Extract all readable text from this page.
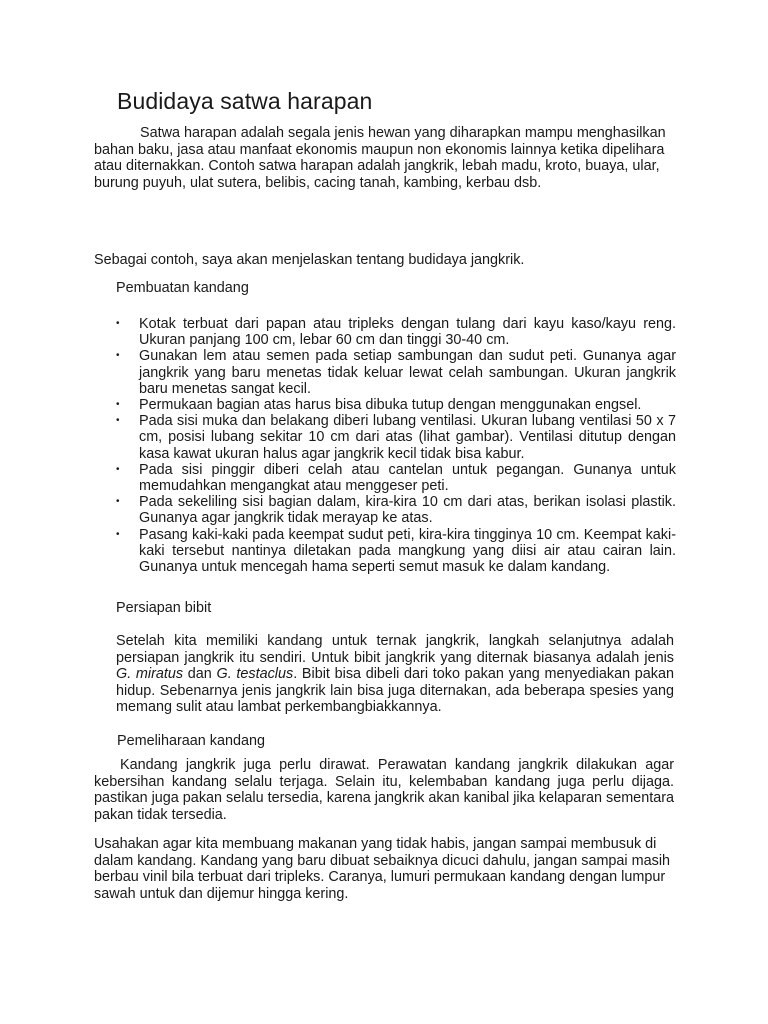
Budidaya satwa harapan

Satwa harapan adalah segala jenis hewan yang diharapkan mampu menghasilkan bahan baku, jasa atau manfaat ekonomis maupun non ekonomis lainnya ketika dipelihara atau diternakkan. Contoh satwa harapan adalah jangkrik, lebah madu, kroto, buaya, ular, burung puyuh, ulat sutera, belibis, cacing tanah, kambing, kerbau dsb.

Sebagai contoh, saya akan menjelaskan tentang budidaya jangkrik.

Pembuatan kandang
• Kotak terbuat dari papan atau tripleks dengan tulang dari kayu kaso/kayu reng. Ukuran panjang 100 cm, lebar 60 cm dan tinggi 30-40 cm.
• Gunakan lem atau semen pada setiap sambungan dan sudut peti. Gunanya agar jangkrik yang baru menetas tidak keluar lewat celah sambungan. Ukuran jangkrik baru menetas sangat kecil.
• Permukaan bagian atas harus bisa dibuka tutup dengan menggunakan engsel.
• Pada sisi muka dan belakang diberi lubang ventilasi. Ukuran lubang ventilasi 50 x 7 cm, posisi lubang sekitar 10 cm dari atas (lihat gambar). Ventilasi ditutup dengan kasa kawat ukuran halus agar jangkrik kecil tidak bisa kabur.
• Pada sisi pinggir diberi celah atau cantelan untuk pegangan. Gunanya untuk memudahkan mengangkat atau menggeser peti.
• Pada sekeliling sisi bagian dalam, kira-kira 10 cm dari atas, berikan isolasi plastik. Gunanya agar jangkrik tidak merayap ke atas.
• Pasang kaki-kaki pada keempat sudut peti, kira-kira tingginya 10 cm. Keempat kaki-kaki tersebut nantinya diletakan pada mangkung yang diisi air atau cairan lain. Gunanya untuk mencegah hama seperti semut masuk ke dalam kandang.
Persiapan bibit

Setelah kita memiliki kandang untuk ternak jangkrik, langkah selanjutnya adalah persiapan jangkrik itu sendiri. Untuk bibit jangkrik yang diternak biasanya adalah jenis G. miratus dan G. testaclus. Bibit bisa dibeli dari toko pakan yang menyediakan pakan hidup. Sebenarnya jenis jangkrik lain bisa juga diternakan, ada beberapa spesies yang memang sulit atau lambat perkembangbiakkannya.

Pemeliharaan kandang

Kandang jangkrik juga perlu dirawat. Perawatan kandang jangkrik dilakukan agar kebersihan kandang selalu terjaga. Selain itu, kelembaban kandang juga perlu dijaga. pastikan juga pakan selalu tersedia, karena jangkrik akan kanibal jika kelaparan sementara pakan tidak tersedia.

Usahakan agar kita membuang makanan yang tidak habis, jangan sampai membusuk di dalam kandang. Kandang yang baru dibuat sebaiknya dicuci dahulu, jangan sampai masih berbau vinil bila terbuat dari tripleks. Caranya, lumuri permukaan kandang dengan lumpur sawah untuk dan dijemur hingga kering.
